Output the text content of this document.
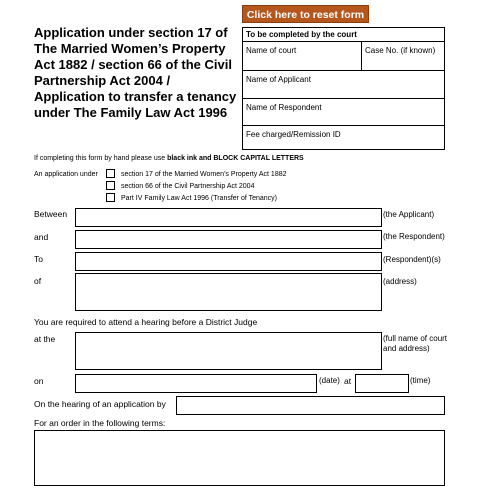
Click here to reset form
Application under section 17 of The Married Women’s Property Act 1882 / section 66 of the Civil Partnership Act 2004 / Application to transfer a tenancy under The Family Law Act 1996
To be completed by the court
Name of court	Case No. (if known)
Name of Applicant
Name of Respondent
Fee charged/Remission ID
If completing this form by hand please use black ink and BLOCK CAPITAL LETTERS
An application under	section 17 of the Married Women’s Property Act 1882
section 66 of the Civil Partnership Act 2004
Part IV Family Law Act 1996 (Transfer of Tenancy)
Between	(the Applicant)
and	(the Respondent)
To	(Respondent)(s)
of	(address)
You are required to attend a hearing before a District Judge
at the	(full name of court and address)
on	(date) at	(time)
On the hearing of an application by
For an order in the following terms:
